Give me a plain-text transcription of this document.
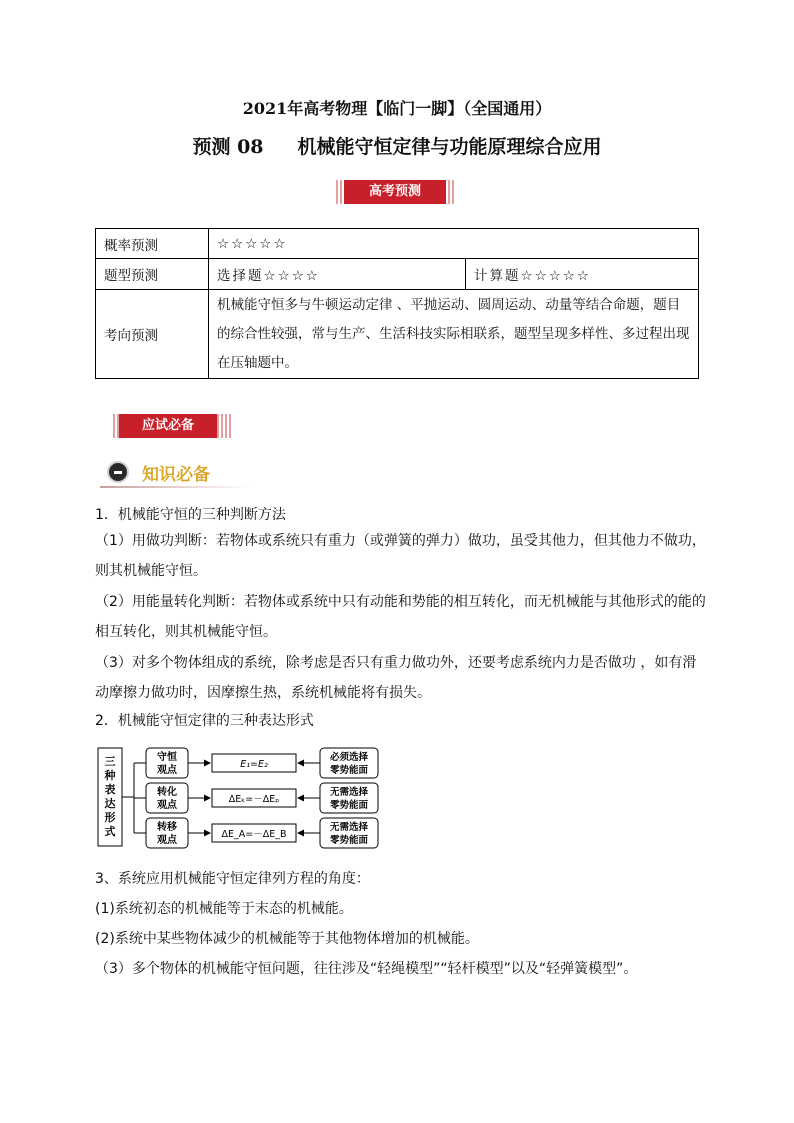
2021年高考物理【临门一脚】（全国通用）
预测 08 机械能守恒定律与功能原理综合应用
高考预测
概率预测	☆☆☆☆☆	
题型预测	选择题☆☆☆☆	计算题☆☆☆☆☆
考向预测	机械能守恒多与牛顿运动定律 、平抛运动、圆周运动、动量等结合命题，题目的综合性较强，常与生产、生活科技实际相联系，题型呈现多样性、多过程出现在压轴题中。	
应试必备
知识必备

1．机械能守恒的三种判断方法

（1）用做功判断：若物体或系统只有重力（或弹簧的弹力）做功，虽受其他力，但其他力不做功，则其机械能守恒。

（2）用能量转化判断：若物体或系统中只有动能和势能的相互转化，而无机械能与其他形式的能的相互转化，则其机械能守恒。

（3）对多个物体组成的系统，除考虑是否只有重力做功外，还要考虑系统内力是否做功 ，如有滑动摩擦力做功时，因摩擦生热，系统机械能将有损失。

2．机械能守恒定律的三种表达形式

三
种
表
达
形
式
守恒
观点
E₁=E₂
必须选择
零势能面
转化
观点
ΔEₖ=－ΔEₚ
无需选择
零势能面
转移
观点
ΔE_A=－ΔE_B
无需选择
零势能面

3、系统应用机械能守恒定律列方程的角度：

(1)系统初态的机械能等于末态的机械能。

(2)系统中某些物体减少的机械能等于其他物体增加的机械能。

（3）多个物体的机械能守恒问题，往往涉及“轻绳模型”“轻杆模型”以及“轻弹簧模型”。
